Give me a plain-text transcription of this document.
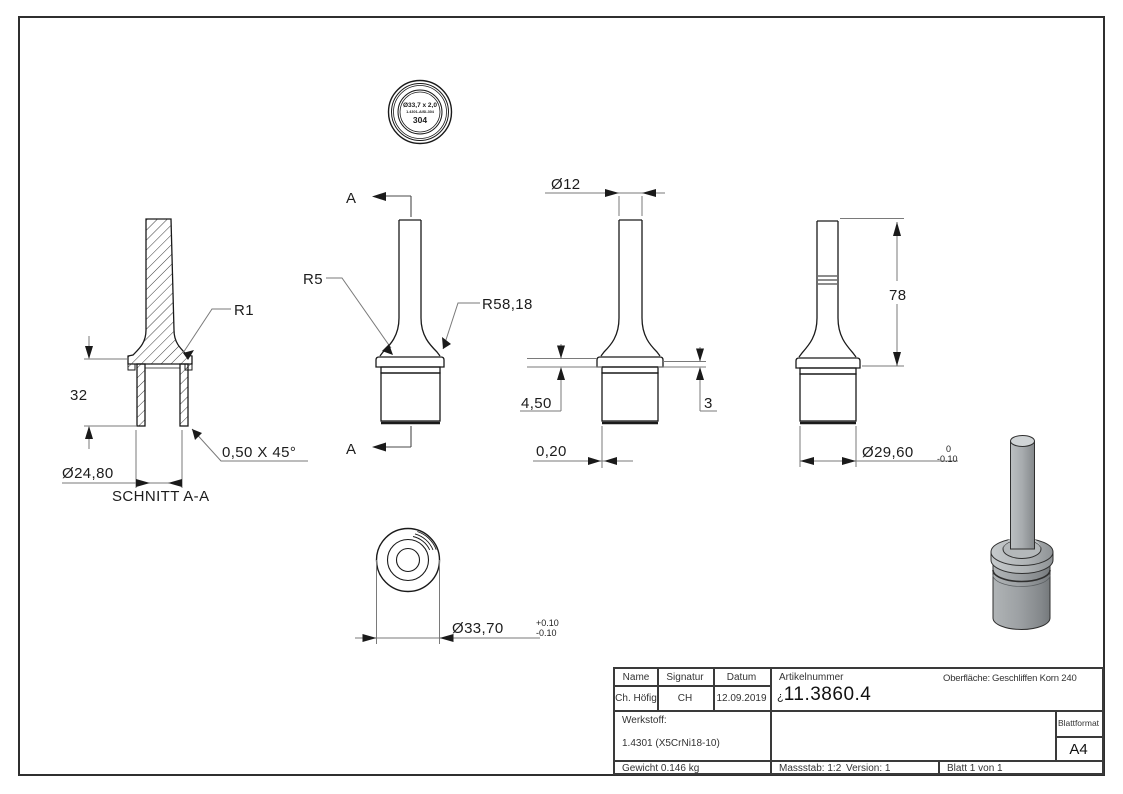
Ø33,7 x 2,0
1.4301-AISI-304
304
32
R1
0,50 X 45°
Ø24,80
SCHNITT A-A
A
A
R5
R58,18
Ø12
4,50	3
0,20
78
Ø29,60	0
-0.10
Ø33,70	+0.10
-0.10
Name	Signatur	Datum
Ch. Höfig	CH	12.09.2019
Artikelnummer
¿11.3860.4
Oberfläche: Geschliffen Korn 240
Werkstoff:
1.4301 (X5CrNi18-10)
Gewicht 0.146 kg	Massstab: 1:2 Version: 1	Blatt 1 von 1
Blattformat
A4
